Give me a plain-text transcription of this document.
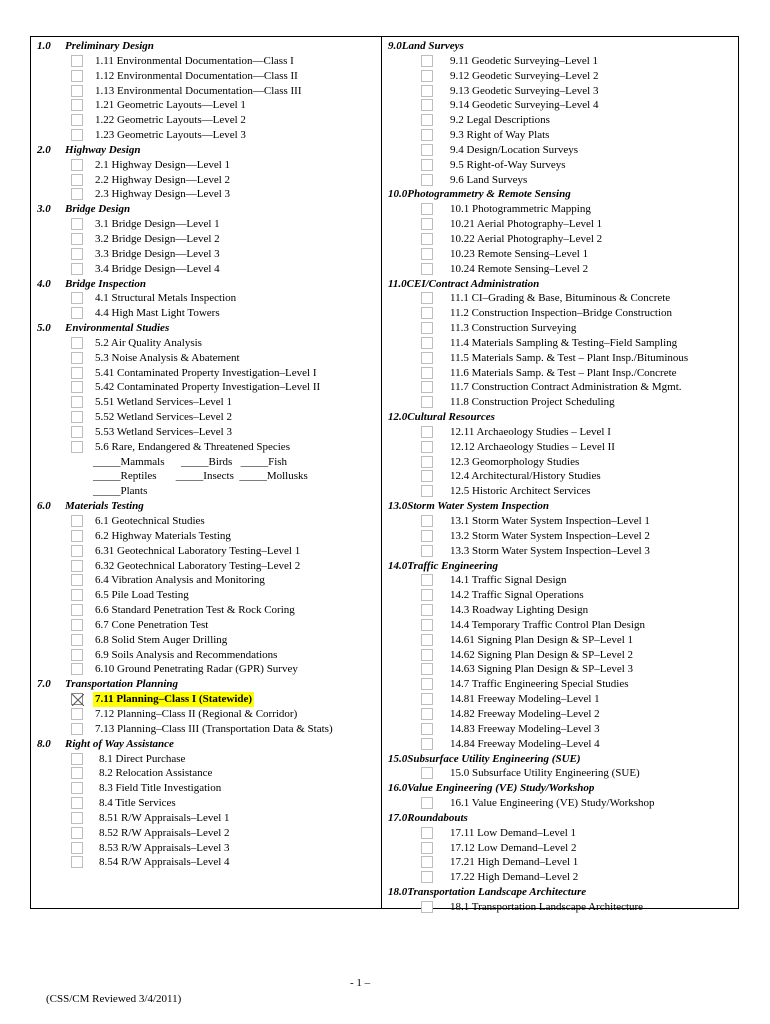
1.0	Preliminary Design
1.11 Environmental Documentation—Class I
1.12 Environmental Documentation—Class II
1.13 Environmental Documentation—Class III
1.21 Geometric Layouts—Level 1
1.22 Geometric Layouts—Level 2
1.23 Geometric Layouts—Level 3
2.0	Highway Design
2.1 Highway Design—Level 1
2.2 Highway Design—Level 2
2.3 Highway Design—Level 3
3.0	Bridge Design
3.1 Bridge Design—Level 1
3.2 Bridge Design—Level 2
3.3 Bridge Design—Level 3
3.4 Bridge Design—Level 4
4.0	Bridge Inspection
4.1 Structural Metals Inspection
4.4 High Mast Light Towers
5.0	Environmental Studies
5.2 Air Quality Analysis
5.3 Noise Analysis & Abatement
5.41 Contaminated Property Investigation–Level I
5.42 Contaminated Property Investigation–Level II
5.51 Wetland Services–Level 1
5.52 Wetland Services–Level 2
5.53 Wetland Services–Level 3
5.6 Rare, Endangered & Threatened Species
_____Mammals      _____Birds   _____Fish
_____Reptiles       _____Insects  _____Mollusks
_____Plants
6.0	Materials Testing
6.1 Geotechnical Studies
6.2 Highway Materials Testing
6.31 Geotechnical Laboratory Testing–Level 1
6.32 Geotechnical Laboratory Testing–Level 2
6.4 Vibration Analysis and Monitoring
6.5 Pile Load Testing
6.6 Standard Penetration Test & Rock Coring
6.7 Cone Penetration Test
6.8 Solid Stem Auger Drilling
6.9 Soils Analysis and Recommendations
6.10 Ground Penetrating Radar (GPR) Survey
7.0	Transportation Planning
7.11 Planning–Class I (Statewide)
7.12 Planning–Class II (Regional & Corridor)
7.13 Planning–Class III (Transportation Data & Stats)
8.0	Right of Way Assistance
8.1 Direct Purchase
8.2 Relocation Assistance
8.3 Field Title Investigation
8.4 Title Services
8.51 R/W Appraisals–Level 1
8.52 R/W Appraisals–Level 2
8.53 R/W Appraisals–Level 3
8.54 R/W Appraisals–Level 4
9.0 Land Surveys
9.11 Geodetic Surveying–Level 1
9.12 Geodetic Surveying–Level 2
9.13 Geodetic Surveying–Level 3
9.14 Geodetic Surveying–Level 4
9.2 Legal Descriptions
9.3 Right of Way Plats
9.4 Design/Location Surveys
9.5 Right-of-Way Surveys
9.6 Land Surveys
10.0 Photogrammetry & Remote Sensing
10.1 Photogrammetric Mapping
10.21 Aerial Photography–Level 1
10.22 Aerial Photography–Level 2
10.23 Remote Sensing–Level 1
10.24 Remote Sensing–Level 2
11.0 CEI/Contract Administration
11.1 CI–Grading & Base, Bituminous & Concrete
11.2 Construction Inspection–Bridge Construction
11.3 Construction Surveying
11.4 Materials Sampling & Testing–Field Sampling
11.5 Materials Samp. & Test – Plant Insp./Bituminous
11.6 Materials Samp. & Test – Plant Insp./Concrete
11.7 Construction Contract Administration & Mgmt.
11.8 Construction Project Scheduling
12.0 Cultural Resources
12.11 Archaeology Studies – Level I
12.12 Archaeology Studies – Level II
12.3 Geomorphology Studies
12.4 Architectural/History Studies
12.5 Historic Architect Services
13.0 Storm Water System Inspection
13.1 Storm Water System Inspection–Level 1
13.2 Storm Water System Inspection–Level 2
13.3 Storm Water System Inspection–Level 3
14.0 Traffic Engineering
14.1 Traffic Signal Design
14.2 Traffic Signal Operations
14.3 Roadway Lighting Design
14.4 Temporary Traffic Control Plan Design
14.61 Signing Plan Design & SP–Level 1
14.62 Signing Plan Design & SP–Level 2
14.63 Signing Plan Design & SP–Level 3
14.7 Traffic Engineering Special Studies
14.81 Freeway Modeling–Level 1
14.82 Freeway Modeling–Level 2
14.83 Freeway Modeling–Level 3
14.84 Freeway Modeling–Level 4
15.0 Subsurface Utility Engineering (SUE)
15.0 Subsurface Utility Engineering (SUE)
16.0 Value Engineering (VE) Study/Workshop
16.1 Value Engineering (VE) Study/Workshop
17.0 Roundabouts
17.11 Low Demand–Level 1
17.12 Low Demand–Level 2
17.21 High Demand–Level 1
17.22 High Demand–Level 2
18.0 Transportation Landscape Architecture
18.1 Transportation Landscape Architecture
- 1 –
(CSS/CM Reviewed 3/4/2011)
